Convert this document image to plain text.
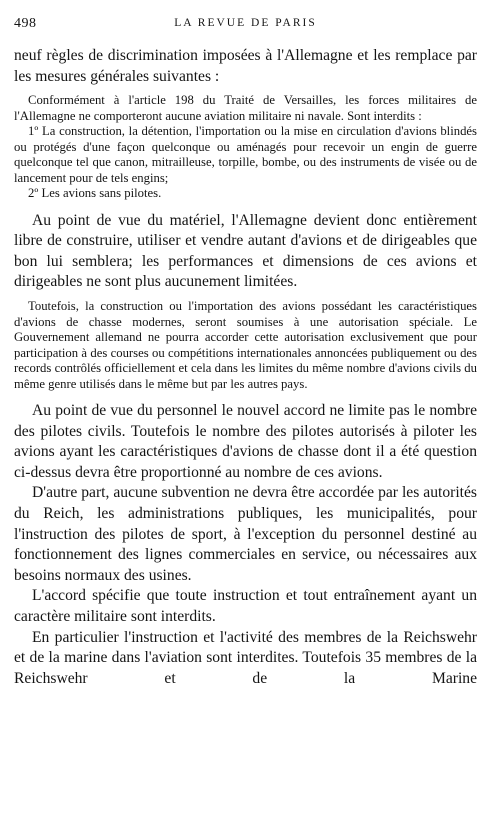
498	LA REVUE DE PARIS

neuf règles de discrimination imposées à l'Allemagne et les remplace par les mesures générales suivantes :

Conformément à l'article 198 du Traité de Versailles, les forces militaires de l'Allemagne ne comporteront aucune aviation militaire ni navale. Sont interdits :

1º La construction, la détention, l'importation ou la mise en circulation d'avions blindés ou protégés d'une façon quelconque ou aménagés pour recevoir un engin de guerre quelconque tel que canon, mitrailleuse, torpille, bombe, ou des instruments de visée ou de lancement pour de tels engins;

2º Les avions sans pilotes.

Au point de vue du matériel, l'Allemagne devient donc entièrement libre de construire, utiliser et vendre autant d'avions et de dirigeables que bon lui semblera; les performances et dimensions de ces avions et dirigeables ne sont plus aucunement limitées.

Toutefois, la construction ou l'importation des avions possédant les caractéristiques d'avions de chasse modernes, seront soumises à une autorisation spéciale. Le Gouvernement allemand ne pourra accorder cette autorisation exclusivement que pour participation à des courses ou compétitions internationales annoncées publiquement ou des records contrôlés officiellement et cela dans les limites du même nombre d'avions civils du même genre utilisés dans le même but par les autres pays.

Au point de vue du personnel le nouvel accord ne limite pas le nombre des pilotes civils. Toutefois le nombre des pilotes autorisés à piloter les avions ayant les caractéristiques d'avions de chasse dont il a été question ci-dessus devra être proportionné au nombre de ces avions.

D'autre part, aucune subvention ne devra être accordée par les autorités du Reich, les administrations publiques, les municipalités, pour l'instruction des pilotes de sport, à l'exception du personnel destiné au fonctionnement des lignes commerciales en service, ou nécessaires aux besoins normaux des usines.

L'accord spécifie que toute instruction et tout entraînement ayant un caractère militaire sont interdits.

En particulier l'instruction et l'activité des membres de la Reichswehr et de la marine dans l'aviation sont interdites. Toutefois 35 membres de la Reichswehr et de la Marine
